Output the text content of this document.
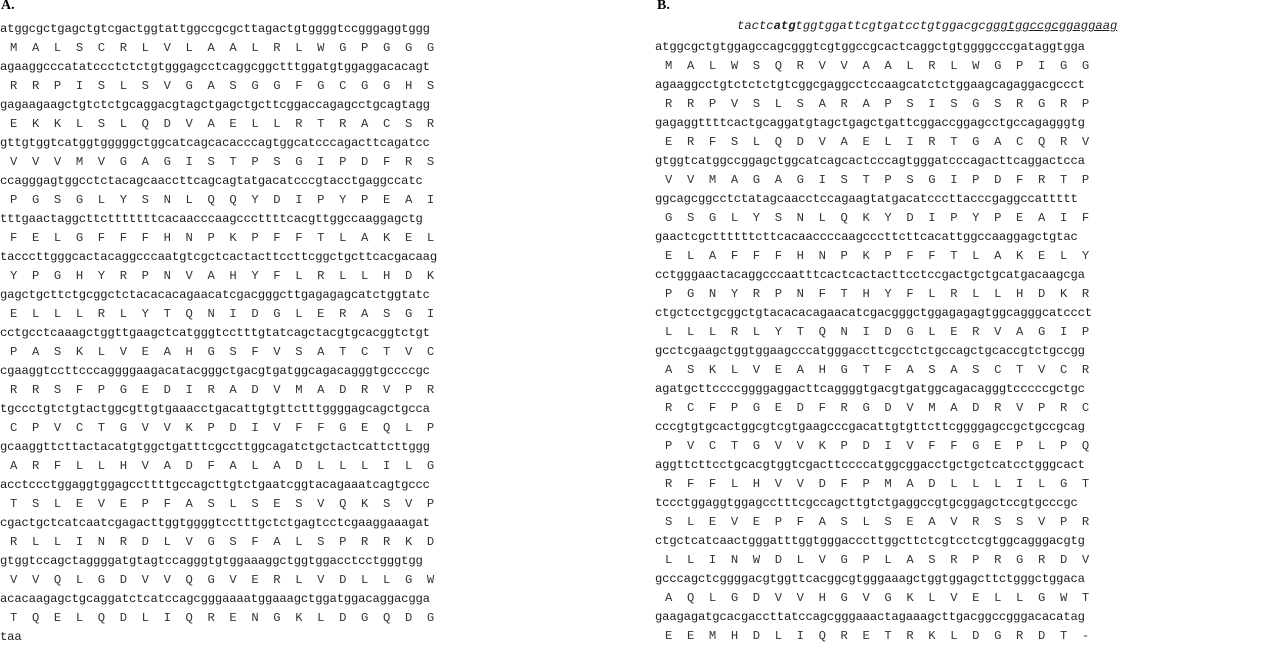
A.
atggcgctgagctgtcgactggtattggccgcgcttagactgtggggtccgggaggtggg
M  A  L  S  C  R  L  V  L  A  A  L  R  L  W  G  P  G  G  G
agaaggcccatatccctctctgtgggagcctcaggcggctttggatgtggaggacacagt
R  R  P  I  S  L  S  V  G  A  S  G  G  F  G  C  G  G  H  S
gagaagaagctgtctctgcaggacgtagctgagctgcttcggaccagagcctgcagtagg
E  K  K  L  S  L  Q  D  V  A  E  L  L  R  T  R  A  C  S  R
gttgtggtcatggtgggggctggcatcagcacacccagtggcatcccagacttcagatcc
V  V  V  M  V  G  A  G  I  S  T  P  S  G  I  P  D  F  R  S
ccagggagtggcctctacagcaaccttcagcagtatgacatcccgtacctgaggccatc
P  G  S  G  L  Y  S  N  L  Q  Q  Y  D  I  P  Y  P  E  A  I
tttgaactaggcttctttttttcacaacccaagcccttttcacgttggccaaggagctg
F  E  L  G  F  F  F  H  N  P  K  P  F  F  T  L  A  K  E  L
tacccttgggcactacaggcccaatgtcgctcactacttccttcggctgcttcacgacaag
Y  P  G  H  Y  R  P  N  V  A  H  Y  F  L  R  L  L  H  D  K
gagctgcttctgcggctctacacacagaacatcgacgggcttgagagagcatctggtatc
E  L  L  L  R  L  Y  T  Q  N  I  D  G  L  E  R  A  S  G  I
cctgcctcaaagctggttgaagctcatgggtcctttgtatcagctacgtgcacggtctgt
P  A  S  K  L  V  E  A  H  G  S  F  V  S  A  T  C  T  V  C
cgaaggtccttcccaggggaagacatacgggctgacgtgatggcagacagggtgccccgc
R  R  S  F  P  G  E  D  I  R  A  D  V  M  A  D  R  V  P  R
tgccctgtctgtactggcgttgtgaaacctgacattgtgttctttggggagcagctgcca
C  P  V  C  T  G  V  V  K  P  D  I  V  F  F  G  E  Q  L  P
gcaaggttcttactacatgtggctgatttcgccttggcagatctgctactcattcttggg
A  R  F  L  L  H  V  A  D  F  A  L  A  D  L  L  L  I  L  G
acctccctggaggtggagccttttgccagcttgtctgaatcggtacagaaatcagtgccc
T  S  L  E  V  E  P  F  A  S  L  S  E  S  V  Q  K  S  V  P
cgactgctcatcaatcgagacttggtggggtcctttgctctgagtcctcgaaggaaagat
R  L  L  I  N  R  D  L  V  G  S  F  A  L  S  P  R  R  K  D
gtggtccagctaggggatgtagtccagggtgtggaaaggctggtggacctcctgggtgg
V  V  Q  L  G  D  V  V  Q  G  V  E  R  L  V  D  L  L  G  W
acacaagagctgcaggatctcatccagcgggaaaatggaaagctggatggacaggacgga
T  Q  E  L  Q  D  L  I  Q  R  E  N  G  K  L  D  G  Q  D  G
taa
B.
tactcatgtggtggattcgtgatcctgtggacgcgggtggccgcggaggaag
atggcgctgtggagccagcgggtcgtggccgcactcaggctgtggggcccgataggtgga
M  A  L  W  S  Q  R  V  V  A  A  L  R  L  W  G  P  I  G  G
agaaggcctgtctctctgtcggcgaggcctccaagcatctctggaagcagaggacgccct
R  R  P  V  S  L  S  A  R  A  P  S  I  S  G  S  R  G  R  P
gagaggttttcactgcaggatgtagctgagctgattcggaccggagcctgccagagggtg
E  R  F  S  L  Q  D  V  A  E  L  I  R  T  G  A  C  Q  R  V
gtggtcatggccggagctggcatcagcactcccagtgggatcccagacttcaggactcca
V  V  M  A  G  A  G  I  S  T  P  S  G  I  P  D  F  R  T  P
ggcagcggcctctatagcaacctccagaagtatgacatcccttacccgaggccattttt
G  S  G  L  Y  S  N  L  Q  K  Y  D  I  P  Y  P  E  A  I  F
gaactcgcttttttcttcacaaccccaagcccttcttcacattggccaaggagctgtac
E  L  A  F  F  F  H  N  P  K  P  F  F  T  L  A  K  E  L  Y
cctgggaactacaggcccaatttcactcactacttcctccgactgctgcatgacaagcga
P  G  N  Y  R  P  N  F  T  H  Y  F  L  R  L  L  H  D  K  R
ctgctcctgcggctgtacacacagaacatcgacgggctggagagagtggcagggcatccct
L  L  L  R  L  Y  T  Q  N  I  D  G  L  E  R  V  A  G  I  P
gcctcgaagctggtggaagcccatgggaccttcgcctctgccagctgcaccgtctgccgg
A  S  K  L  V  E  A  H  G  T  F  A  S  A  S  C  T  V  C  R
agatgcttccccggggaggacttcaggggtgacgtgatggcagacagggtcccccgctgc
R  C  F  P  G  E  D  F  R  G  D  V  M  A  D  R  V  P  R  C
cccgtgtgcactggcgtcgtgaagcccgacattgtgttcttcggggagccgctgccgcag
P  V  C  T  G  V  V  K  P  D  I  V  F  F  G  E  P  L  P  Q
aggttcttcctgcacgtggtcgacttccccatggcggacctgctgctcatcctgggcact
R  F  F  L  H  V  V  D  F  P  M  A  D  L  L  L  I  L  G  T
tccctggaggtggagcctttcgccagcttgtctgaggccgtgcggagctccgtgcccgc
S  L  E  V  E  P  F  A  S  L  S  E  A  V  R  S  S  V  P  R
ctgctcatcaactgggatttggtgggacccttggcttctcgtcctcgtggcagggacgtg
L  L  I  N  W  D  L  V  G  P  L  A  S  R  P  R  G  R  D  V
gcccagctcggggacgtggttcacggcgtgggaaagctggtggagcttctgggctggaca
A  Q  L  G  D  V  V  H  G  V  G  K  L  V  E  L  L  G  W  T
gaagagatgcacgaccttatccagcgggaaactagaaagcttgacggccgggacacatag
E  E  M  H  D  L  I  Q  R  E  T  R  K  L  D  G  R  D  T  -
